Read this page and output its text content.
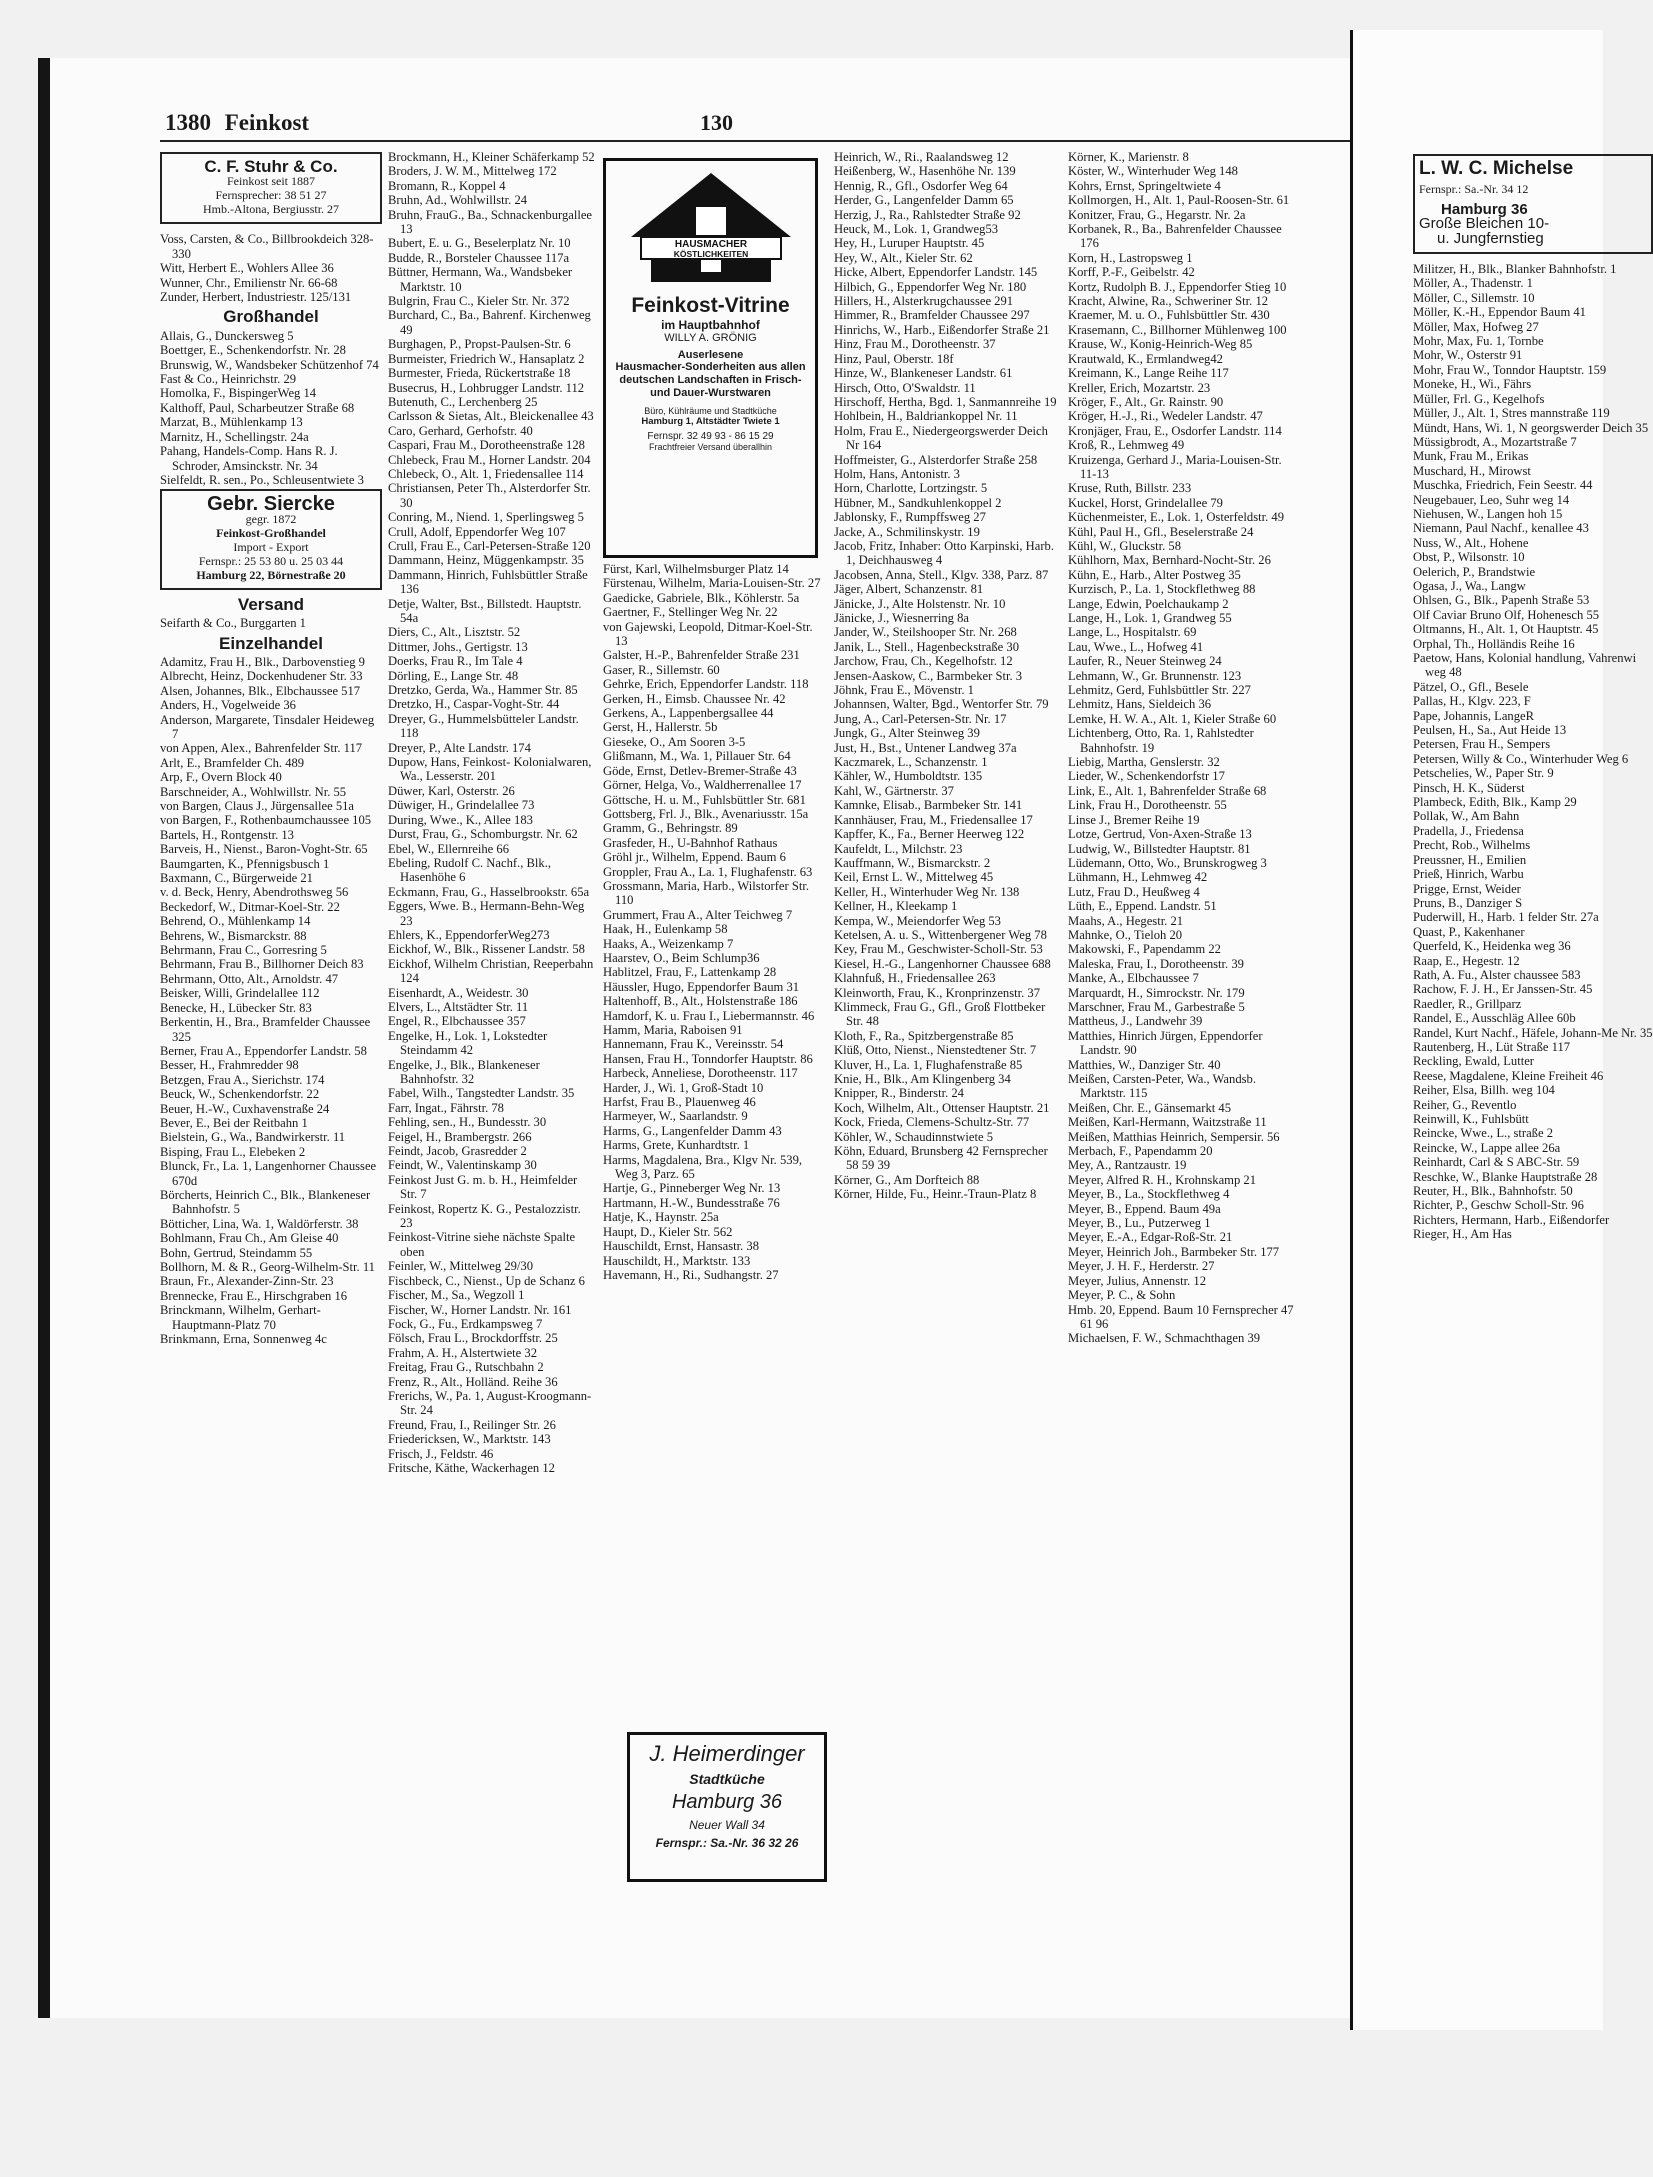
1380 Feinkost	130
C. F. Stuhr & Co.
Feinkost seit 1887
Fernsprecher: 38 51 27
Hmb.-Altona, Bergiusstr. 27

Voss, Carsten, & Co., Billbrookdeich 328-330

Witt, Herbert E., Wohlers Allee 36

Wunner, Chr., Emilienstr Nr. 66-68

Zunder, Herbert, Industriestr. 125/131

Großhandel

Allais, G., Dunckersweg 5

Boettger, E., Schenkendorfstr. Nr. 28

Brunswig, W., Wandsbeker Schützenhof 74

Fast & Co., Heinrichstr. 29

Homolka, F., BispingerWeg 14

Kalthoff, Paul, Scharbeutzer Straße 68

Marzat, B., Mühlenkamp 13

Marnitz, H., Schellingstr. 24a

Pahang, Handels-Comp. Hans R. J. Schroder, Amsinckstr. Nr. 34

Sielfeldt, R. sen., Po., Schleusentwiete 3

Gebr. Siercke
gegr. 1872
Feinkost-Großhandel
Import - Export
Fernspr.: 25 53 80 u. 25 03 44
Hamburg 22, Börnestraße 20
Versand

Seifarth & Co., Burggarten 1

Einzelhandel

Adamitz, Frau H., Blk., Darbovenstieg 9

Albrecht, Heinz, Dockenhudener Str. 33

Alsen, Johannes, Blk., Elbchaussee 517

Anders, H., Vogelweide 36

Anderson, Margarete, Tinsdaler Heideweg 7

von Appen, Alex., Bahrenfelder Str. 117

Arlt, E., Bramfelder Ch. 489

Arp, F., Overn Block 40

Barschneider, A., Wohlwillstr. Nr. 55

von Bargen, Claus J., Jürgensallee 51a

von Bargen, F., Rothenbaumchaussee 105

Bartels, H., Rontgenstr. 13

Barveis, H., Nienst., Baron-Voght-Str. 65

Baumgarten, K., Pfennigsbusch 1

Baxmann, C., Bürgerweide 21

v. d. Beck, Henry, Abendrothsweg 56

Beckedorf, W., Ditmar-Koel-Str. 22

Behrend, O., Mühlenkamp 14

Behrens, W., Bismarckstr. 88

Behrmann, Frau C., Gorresring 5

Behrmann, Frau B., Billhorner Deich 83

Behrmann, Otto, Alt., Arnoldstr. 47

Beisker, Willi, Grindelallee 112

Benecke, H., Lübecker Str. 83

Berkentin, H., Bra., Bramfelder Chaussee 325

Berner, Frau A., Eppendorfer Landstr. 58

Besser, H., Frahmredder 98

Betzgen, Frau A., Sierichstr. 174

Beuck, W., Schenkendorfstr. 22

Beuer, H.-W., Cuxhavenstraße 24

Bever, E., Bei der Reitbahn 1

Bielstein, G., Wa., Bandwirkerstr. 11

Bisping, Frau L., Elebeken 2

Blunck, Fr., La. 1, Langenhorner Chaussee 670d

Börcherts, Heinrich C., Blk., Blankeneser Bahnhofstr. 5

Bötticher, Lina, Wa. 1, Waldörferstr. 38

Bohlmann, Frau Ch., Am Gleise 40

Bohn, Gertrud, Steindamm 55

Bollhorn, M. & R., Georg-Wilhelm-Str. 11

Braun, Fr., Alexander-Zinn-Str. 23

Brennecke, Frau E., Hirschgraben 16

Brinckmann, Wilhelm, Gerhart-Hauptmann-Platz 70

Brinkmann, Erna, Sonnenweg 4c

Brockmann, H., Kleiner Schäferkamp 52

Broders, J. W. M., Mittelweg 172

Bromann, R., Koppel 4

Bruhn, Ad., Wohlwillstr. 24

Bruhn, FrauG., Ba., Schnackenburgallee 13

Bubert, E. u. G., Beselerplatz Nr. 10

Budde, R., Borsteler Chaussee 117a

Büttner, Hermann, Wa., Wandsbeker Marktstr. 10

Bulgrin, Frau C., Kieler Str. Nr. 372

Burchard, C., Ba., Bahrenf. Kirchenweg 49

Burghagen, P., Propst-Paulsen-Str. 6

Burmeister, Friedrich W., Hansaplatz 2

Burmester, Frieda, Rückertstraße 18

Busecrus, H., Lohbrugger Landstr. 112

Butenuth, C., Lerchenberg 25

Carlsson & Sietas, Alt., Bleickenallee 43

Caro, Gerhard, Gerhofstr. 40

Caspari, Frau M., Dorotheenstraße 128

Chlebeck, Frau M., Horner Landstr. 204

Chlebeck, O., Alt. 1, Friedensallee 114

Christiansen, Peter Th., Alsterdorfer Str. 30

Conring, M., Niend. 1, Sperlingsweg 5

Crull, Adolf, Eppendorfer Weg 107

Crull, Frau E., Carl-Petersen-Straße 120

Dammann, Heinz, Müggenkampstr. 35

Dammann, Hinrich, Fuhlsbüttler Straße 136

Detje, Walter, Bst., Billstedt. Hauptstr. 54a

Diers, C., Alt., Lisztstr. 52

Dittmer, Johs., Gertigstr. 13

Doerks, Frau R., Im Tale 4

Dörling, E., Lange Str. 48

Dretzko, Gerda, Wa., Hammer Str. 85

Dretzko, H., Caspar-Voght-Str. 44

Dreyer, G., Hummelsbütteler Landstr. 118

Dreyer, P., Alte Landstr. 174

Dupow, Hans, Feinkost- Kolonialwaren, Wa., Lesserstr. 201

Düwer, Karl, Osterstr. 26

Düwiger, H., Grindelallee 73

During, Wwe., K., Allee 183

Durst, Frau, G., Schomburgstr. Nr. 62

Ebel, W., Ellernreihe 66

Ebeling, Rudolf C. Nachf., Blk., Hasenhöhe 6

Eckmann, Frau, G., Hasselbrookstr. 65a

Eggers, Wwe. B., Hermann-Behn-Weg 23

Ehlers, K., EppendorferWeg273

Eickhof, W., Blk., Rissener Landstr. 58

Eickhof, Wilhelm Christian, Reeperbahn 124

Eisenhardt, A., Weidestr. 30

Elvers, L., Altstädter Str. 11

Engel, R., Elbchaussee 357

Engelke, H., Lok. 1, Lokstedter Steindamm 42

Engelke, J., Blk., Blankeneser Bahnhofstr. 32

Fabel, Wilh., Tangstedter Landstr. 35

Farr, Ingat., Fährstr. 78

Fehling, sen., H., Bundesstr. 30

Feigel, H., Brambergstr. 266

Feindt, Jacob, Grasredder 2

Feindt, W., Valentinskamp 30

Feinkost Just G. m. b. H., Heimfelder Str. 7

Feinkost, Ropertz K. G., Pestalozzistr. 23

Feinkost-Vitrine siehe nächste Spalte oben

Feinler, W., Mittelweg 29/30

Fischbeck, C., Nienst., Up de Schanz 6

Fischer, M., Sa., Wegzoll 1

Fischer, W., Horner Landstr. Nr. 161

Fock, G., Fu., Erdkampsweg 7

Fölsch, Frau L., Brockdorffstr. 25

Frahm, A. H., Alstertwiete 32

Freitag, Frau G., Rutschbahn 2

Frenz, R., Alt., Holländ. Reihe 36

Frerichs, W., Pa. 1, August-Kroogmann-Str. 24

Freund, Frau, I., Reilinger Str. 26

Friedericksen, W., Marktstr. 143

Frisch, J., Feldstr. 46

Fritsche, Käthe, Wackerhagen 12

HAUSMACHER
KÖSTLICHKEITEN
Feinkost-Vitrine
im Hauptbahnhof
WILLY A. GRÖNIG
Auserlesene
Hausmacher-Sonderheiten aus allen deutschen Landschaften in Frisch- und Dauer-Wurstwaren
Büro, Kühlräume und Stadtküche
Hamburg 1, Altstädter Twiete 1
Fernspr. 32 49 93 - 86 15 29
Frachtfreier Versand überallhin

Fürst, Karl, Wilhelmsburger Platz 14

Fürstenau, Wilhelm, Maria-Louisen-Str. 27

Gaedicke, Gabriele, Blk., Köhlerstr. 5a

Gaertner, F., Stellinger Weg Nr. 22

von Gajewski, Leopold, Ditmar-Koel-Str. 13

Galster, H.-P., Bahrenfelder Straße 231

Gaser, R., Sillemstr. 60

Gehrke, Erich, Eppendorfer Landstr. 118

Gerken, H., Eimsb. Chaussee Nr. 42

Gerkens, A., Lappenbergsallee 44

Gerst, H., Hallerstr. 5b

Gieseke, O., Am Sooren 3-5

Glißmann, M., Wa. 1, Pillauer Str. 64

Göde, Ernst, Detlev-Bremer-Straße 43

Görner, Helga, Vo., Waldherrenallee 17

Göttsche, H. u. M., Fuhlsbüttler Str. 681

Gottsberg, Frl. J., Blk., Avenariusstr. 15a

Gramm, G., Behringstr. 89

Grasfeder, H., U-Bahnhof Rathaus

Gröhl jr., Wilhelm, Eppend. Baum 6

Groppler, Frau A., La. 1, Flughafenstr. 63

Grossmann, Maria, Harb., Wilstorfer Str. 110

Grummert, Frau A., Alter Teichweg 7

Haak, H., Eulenkamp 58

Haaks, A., Weizenkamp 7

Haarstev, O., Beim Schlump36

Hablitzel, Frau, F., Lattenkamp 28

Häussler, Hugo, Eppendorfer Baum 31

Haltenhoff, B., Alt., Holstenstraße 186

Hamdorf, K. u. Frau I., Liebermannstr. 46

Hamm, Maria, Raboisen 91

Hannemann, Frau K., Vereinsstr. 54

Hansen, Frau H., Tonndorfer Hauptstr. 86

Harbeck, Anneliese, Dorotheenstr. 117

Harder, J., Wi. 1, Groß-Stadt 10

Harfst, Frau B., Plauenweg 46

Harmeyer, W., Saarlandstr. 9

Harms, G., Langenfelder Damm 43

Harms, Grete, Kunhardtstr. 1

Harms, Magdalena, Bra., Klgv Nr. 539, Weg 3, Parz. 65

Hartje, G., Pinneberger Weg Nr. 13

Hartmann, H.-W., Bundesstraße 76

Hatje, K., Haynstr. 25a

Haupt, D., Kieler Str. 562

Hauschildt, Ernst, Hansastr. 38

Hauschildt, H., Marktstr. 133

Havemann, H., Ri., Sudhangstr. 27

J. Heimerdinger
Stadtküche
Hamburg 36
Neuer Wall 34
Fernspr.: Sa.-Nr. 36 32 26

Heinrich, W., Ri., Raalandsweg 12

Heißenberg, W., Hasenhöhe Nr. 139

Hennig, R., Gfl., Osdorfer Weg 64

Herder, G., Langenfelder Damm 65

Herzig, J., Ra., Rahlstedter Straße 92

Heuck, M., Lok. 1, Grandweg53

Hey, H., Luruper Hauptstr. 45

Hey, W., Alt., Kieler Str. 62

Hicke, Albert, Eppendorfer Landstr. 145

Hilbich, G., Eppendorfer Weg Nr. 180

Hillers, H., Alsterkrugchaussee 291

Himmer, R., Bramfelder Chaussee 297

Hinrichs, W., Harb., Eißendorfer Straße 21

Hinz, Frau M., Dorotheenstr. 37

Hinz, Paul, Oberstr. 18f

Hinze, W., Blankeneser Landstr. 61

Hirsch, Otto, O'Swaldstr. 11

Hirschoff, Hertha, Bgd. 1, Sanmannreihe 19

Hohlbein, H., Baldriankoppel Nr. 11

Holm, Frau E., Niedergeorgswerder Deich Nr 164

Hoffmeister, G., Alsterdorfer Straße 258

Holm, Hans, Antonistr. 3

Horn, Charlotte, Lortzingstr. 5

Hübner, M., Sandkuhlenkoppel 2

Jablonsky, F., Rumpffsweg 27

Jacke, A., Schmilinskystr. 19

Jacob, Fritz, Inhaber: Otto Karpinski, Harb. 1, Deichhausweg 4

Jacobsen, Anna, Stell., Klgv. 338, Parz. 87

Jäger, Albert, Schanzenstr. 81

Jänicke, J., Alte Holstenstr. Nr. 10

Jänicke, J., Wiesnerring 8a

Jander, W., Steilshooper Str. Nr. 268

Janik, L., Stell., Hagenbeckstraße 30

Jarchow, Frau, Ch., Kegelhofstr. 12

Jensen-Aaskow, C., Barmbeker Str. 3

Jöhnk, Frau E., Mövenstr. 1

Johannsen, Walter, Bgd., Wentorfer Str. 79

Jung, A., Carl-Petersen-Str. Nr. 17

Jungk, G., Alter Steinweg 39

Just, H., Bst., Untener Landweg 37a

Kaczmarek, L., Schanzenstr. 1

Kähler, W., Humboldtstr. 135

Kahl, W., Gärtnerstr. 37

Kamnke, Elisab., Barmbeker Str. 141

Kannhäuser, Frau, M., Friedensallee 17

Kapffer, K., Fa., Berner Heerweg 122

Kaufeldt, L., Milchstr. 23

Kauffmann, W., Bismarckstr. 2

Keil, Ernst L. W., Mittelweg 45

Keller, H., Winterhuder Weg Nr. 138

Kellner, H., Kleekamp 1

Kempa, W., Meiendorfer Weg 53

Ketelsen, A. u. S., Wittenbergener Weg 78

Key, Frau M., Geschwister-Scholl-Str. 53

Kiesel, H.-G., Langenhorner Chaussee 688

Klahnfuß, H., Friedensallee 263

Kleinworth, Frau, K., Kronprinzenstr. 37

Klimmeck, Frau G., Gfl., Groß Flottbeker Str. 48

Kloth, F., Ra., Spitzbergenstraße 85

Klüß, Otto, Nienst., Nienstedtener Str. 7

Kluver, H., La. 1, Flughafenstraße 85

Knie, H., Blk., Am Klingenberg 34

Knipper, R., Binderstr. 24

Koch, Wilhelm, Alt., Ottenser Hauptstr. 21

Kock, Frieda, Clemens-Schultz-Str. 77

Köhler, W., Schaudinnstwiete 5

Köhn, Eduard, Brunsberg 42 Fernsprecher 58 59 39

Körner, G., Am Dorfteich 88

Körner, Hilde, Fu., Heinr.-Traun-Platz 8

Körner, K., Marienstr. 8

Köster, W., Winterhuder Weg 148

Kohrs, Ernst, Springeltwiete 4

Kollmorgen, H., Alt. 1, Paul-Roosen-Str. 61

Konitzer, Frau, G., Hegarstr. Nr. 2a

Korbanek, R., Ba., Bahrenfelder Chaussee 176

Korn, H., Lastropsweg 1

Korff, P.-F., Geibelstr. 42

Kortz, Rudolph B. J., Eppendorfer Stieg 10

Kracht, Alwine, Ra., Schweriner Str. 12

Kraemer, M. u. O., Fuhlsbüttler Str. 430

Krasemann, C., Billhorner Mühlenweg 100

Krause, W., Konig-Heinrich-Weg 85

Krautwald, K., Ermlandweg42

Kreimann, K., Lange Reihe 117

Kreller, Erich, Mozartstr. 23

Kröger, F., Alt., Gr. Rainstr. 90

Kröger, H.-J., Ri., Wedeler Landstr. 47

Kronjäger, Frau, E., Osdorfer Landstr. 114

Kroß, R., Lehmweg 49

Kruizenga, Gerhard J., Maria-Louisen-Str. 11-13

Kruse, Ruth, Billstr. 233

Kuckel, Horst, Grindelallee 79

Küchenmeister, E., Lok. 1, Osterfeldstr. 49

Kühl, Paul H., Gfl., Beselerstraße 24

Kühl, W., Gluckstr. 58

Kühlhorn, Max, Bernhard-Nocht-Str. 26

Kühn, E., Harb., Alter Postweg 35

Kurzisch, P., La. 1, Stockflethweg 88

Lange, Edwin, Poelchaukamp 2

Lange, H., Lok. 1, Grandweg 55

Lange, L., Hospitalstr. 69

Lau, Wwe., L., Hofweg 41

Laufer, R., Neuer Steinweg 24

Lehmann, W., Gr. Brunnenstr. 123

Lehmitz, Gerd, Fuhlsbüttler Str. 227

Lehmitz, Hans, Sieldeich 36

Lemke, H. W. A., Alt. 1, Kieler Straße 60

Lichtenberg, Otto, Ra. 1, Rahlstedter Bahnhofstr. 19

Liebig, Martha, Genslerstr. 32

Lieder, W., Schenkendorfstr 17

Link, E., Alt. 1, Bahrenfelder Straße 68

Link, Frau H., Dorotheenstr. 55

Linse J., Bremer Reihe 19

Lotze, Gertrud, Von-Axen-Straße 13

Ludwig, W., Billstedter Hauptstr. 81

Lüdemann, Otto, Wo., Brunskrogweg 3

Lühmann, H., Lehmweg 42

Lutz, Frau D., Heußweg 4

Lüth, E., Eppend. Landstr. 51

Maahs, A., Hegestr. 21

Mahnke, O., Tieloh 20

Makowski, F., Papendamm 22

Maleska, Frau, I., Dorotheenstr. 39

Manke, A., Elbchaussee 7

Marquardt, H., Simrockstr. Nr. 179

Marschner, Frau M., Garbestraße 5

Mattheus, J., Landwehr 39

Matthies, Hinrich Jürgen, Eppendorfer Landstr. 90

Matthies, W., Danziger Str. 40

Meißen, Carsten-Peter, Wa., Wandsb. Marktstr. 115

Meißen, Chr. E., Gänsemarkt 45

Meißen, Karl-Hermann, Waitzstraße 11

Meißen, Matthias Heinrich, Sempersir. 56

Merbach, F., Papendamm 20

Mey, A., Rantzaustr. 19

Meyer, Alfred R. H., Krohnskamp 21

Meyer, B., La., Stockflethweg 4

Meyer, B., Eppend. Baum 49a

Meyer, B., Lu., Putzerweg 1

Meyer, E.-A., Edgar-Roß-Str. 21

Meyer, Heinrich Joh., Barmbeker Str. 177

Meyer, J. H. F., Herderstr. 27

Meyer, Julius, Annenstr. 12

Meyer, P. C., & Sohn

Hmb. 20, Eppend. Baum 10 Fernsprecher 47 61 96

Michaelsen, F. W., Schmachthagen 39

L. W. C. Michelse
Fernspr.: Sa.-Nr. 34 12
Hamburg 36
Große Bleichen 10-
u. Jungfernstieg

Militzer, H., Blk., Blanker Bahnhofstr. 1

Möller, A., Thadenstr. 1

Möller, C., Sillemstr. 10

Möller, K.-H., Eppendor Baum 41

Möller, Max, Hofweg 27

Mohr, Max, Fu. 1, Tornbe

Mohr, W., Osterstr 91

Mohr, Frau W., Tonndor Hauptstr. 159

Moneke, H., Wi., Fährs

Müller, Frl. G., Kegelhofs

Müller, J., Alt. 1, Stres mannstraße 119

Mündt, Hans, Wi. 1, N georgswerder Deich 35

Müssigbrodt, A., Mozartstraße 7

Munk, Frau M., Erikas

Muschard, H., Mirowst

Muschka, Friedrich, Fein Seestr. 44

Neugebauer, Leo, Suhr weg 14

Niehusen, W., Langen hoh 15

Niemann, Paul Nachf., kenallee 43

Nuss, W., Alt., Hohene

Obst, P., Wilsonstr. 10

Oelerich, P., Brandstwie

Ogasa, J., Wa., Langw

Ohlsen, G., Blk., Papenh Straße 53

Olf Caviar Bruno Olf, Hohenesch 55

Oltmanns, H., Alt. 1, Ot Hauptstr. 45

Orphal, Th., Holländis Reihe 16

Paetow, Hans, Kolonial handlung, Vahrenwi weg 48

Pätzel, O., Gfl., Besele

Pallas, H., Klgv. 223, F

Pape, Johannis, LangeR

Peulsen, H., Sa., Aut Heide 13

Petersen, Frau H., Sempers

Petersen, Willy & Co., Winterhuder Weg 6

Petschelies, W., Paper Str. 9

Pinsch, H. K., Süderst

Plambeck, Edith, Blk., Kamp 29

Pollak, W., Am Bahn

Pradella, J., Friedensa

Precht, Rob., Wilhelms

Preussner, H., Emilien

Prieß, Hinrich, Warbu

Prigge, Ernst, Weider

Pruns, B., Danziger S

Puderwill, H., Harb. 1 felder Str. 27a

Quast, P., Kakenhaner

Querfeld, K., Heidenka weg 36

Raap, E., Hegestr. 12

Rath, A. Fu., Alster chaussee 583

Rachow, F. J. H., Er Janssen-Str. 45

Raedler, R., Grillparz

Randel, E., Ausschläg Allee 60b

Randel, Kurt Nachf., Häfele, Johann-Me Nr. 35

Rautenberg, H., Lüt Straße 117

Reckling, Ewald, Lutter

Reese, Magdalene, Kleine Freiheit 46

Reiher, Elsa, Billh. weg 104

Reiher, G., Reventlo

Reinwill, K., Fuhlsbütt

Reincke, Wwe., L., straße 2

Reincke, W., Lappe allee 26a

Reinhardt, Carl & S ABC-Str. 59

Reschke, W., Blanke Hauptstraße 28

Reuter, H., Blk., Bahnhofstr. 50

Richter, P., Geschw Scholl-Str. 96

Richters, Hermann, Harb., Eißendorfer

Rieger, H., Am Has
